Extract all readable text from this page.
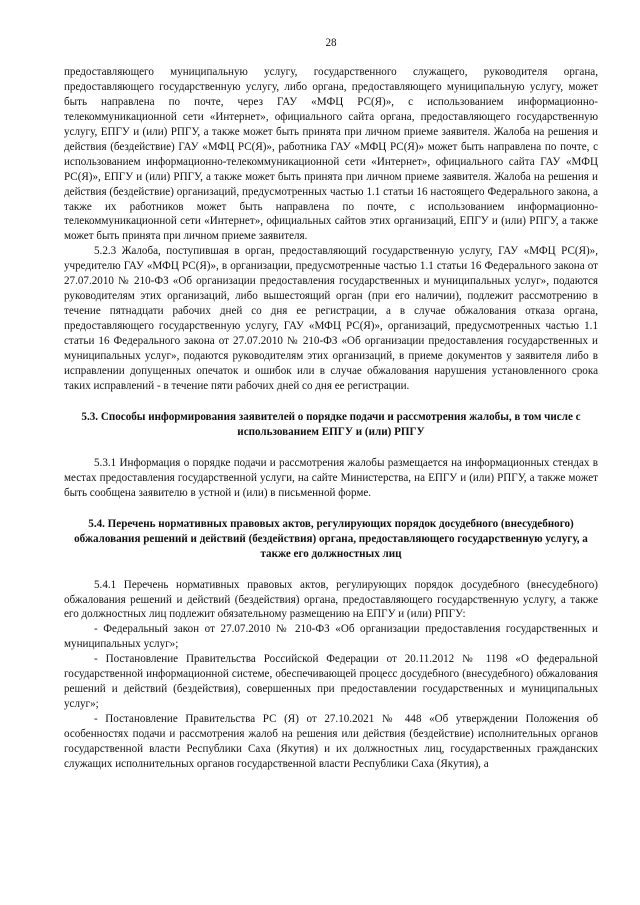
28

предоставляющего муниципальную услугу, государственного служащего, руководителя органа, предоставляющего государственную услугу, либо органа, предоставляющего муниципальную услугу, может быть направлена по почте, через ГАУ «МФЦ РС(Я)», с использованием информационно-телекоммуникационной сети «Интернет», официального сайта органа, предоставляющего государственную услугу, ЕПГУ и (или) РПГУ, а также может быть принята при личном приеме заявителя. Жалоба на решения и действия (бездействие) ГАУ «МФЦ РС(Я)», работника ГАУ «МФЦ РС(Я)» может быть направлена по почте, с использованием информационно-телекоммуникационной сети «Интернет», официального сайта ГАУ «МФЦ РС(Я)», ЕПГУ и (или) РПГУ, а также может быть принята при личном приеме заявителя. Жалоба на решения и действия (бездействие) организаций, предусмотренных частью 1.1 статьи 16 настоящего Федерального закона, а также их работников может быть направлена по почте, с использованием информационно-телекоммуникационной сети «Интернет», официальных сайтов этих организаций, ЕПГУ и (или) РПГУ, а также может быть принята при личном приеме заявителя.

5.2.3 Жалоба, поступившая в орган, предоставляющий государственную услугу, ГАУ «МФЦ РС(Я)», учредителю ГАУ «МФЦ РС(Я)», в организации, предусмотренные частью 1.1 статьи 16 Федерального закона от 27.07.2010 № 210-ФЗ «Об организации предоставления государственных и муниципальных услуг», подаются руководителям этих организаций, либо вышестоящий орган (при его наличии), подлежит рассмотрению в течение пятнадцати рабочих дней со дня ее регистрации, а в случае обжалования отказа органа, предоставляющего государственную услугу, ГАУ «МФЦ РС(Я)», организаций, предусмотренных частью 1.1 статьи 16 Федерального закона от 27.07.2010 № 210-ФЗ «Об организации предоставления государственных и муниципальных услуг», подаются руководителям этих организаций, в приеме документов у заявителя либо в исправлении допущенных опечаток и ошибок или в случае обжалования нарушения установленного срока таких исправлений - в течение пяти рабочих дней со дня ее регистрации.

5.3. Способы информирования заявителей о порядке подачи и рассмотрения жалобы, в том числе с использованием ЕПГУ и (или) РПГУ

5.3.1 Информация о порядке подачи и рассмотрения жалобы размещается на информационных стендах в местах предоставления государственной услуги, на сайте Министерства, на ЕПГУ и (или) РПГУ, а также может быть сообщена заявителю в устной и (или) в письменной форме.

5.4. Перечень нормативных правовых актов, регулирующих порядок досудебного (внесудебного) обжалования решений и действий (бездействия) органа, предоставляющего государственную услугу, а также его должностных лиц

5.4.1 Перечень нормативных правовых актов, регулирующих порядок досудебного (внесудебного) обжалования решений и действий (бездействия) органа, предоставляющего государственную услугу, а также его должностных лиц подлежит обязательному размещению на ЕПГУ и (или) РПГУ:

- Федеральный закон от 27.07.2010 № 210-ФЗ «Об организации предоставления государственных и муниципальных услуг»;

- Постановление Правительства Российской Федерации от 20.11.2012 № 1198 «О федеральной государственной информационной системе, обеспечивающей процесс досудебного (внесудебного) обжалования решений и действий (бездействия), совершенных при предоставлении государственных и муниципальных услуг»;

- Постановление Правительства РС (Я) от 27.10.2021 № 448 «Об утверждении Положения об особенностях подачи и рассмотрения жалоб на решения или действия (бездействие) исполнительных органов государственной власти Республики Саха (Якутия) и их должностных лиц, государственных гражданских служащих исполнительных органов государственной власти Республики Саха (Якутия), а
